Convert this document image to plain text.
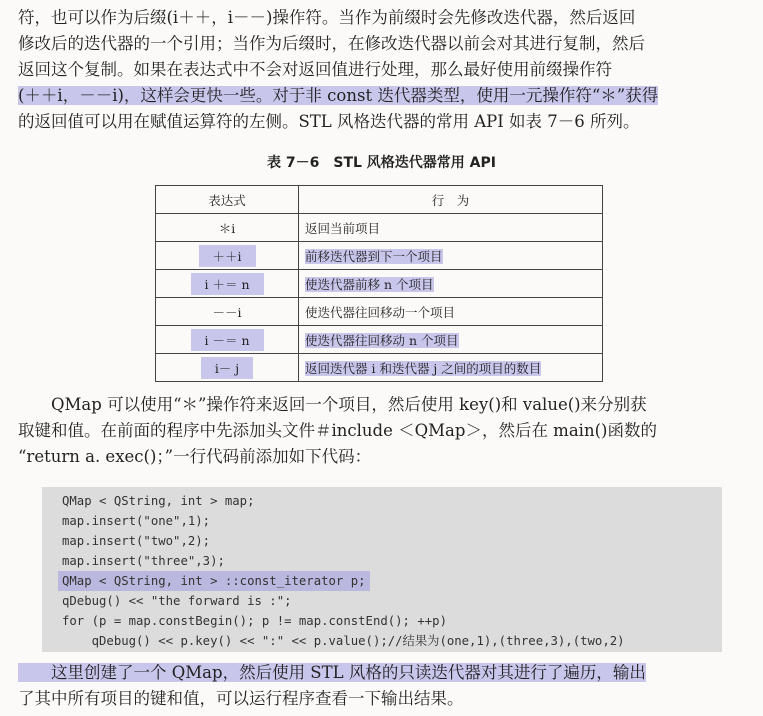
符，也可以作为后缀(i＋＋，i－－)操作符。当作为前缀时会先修改迭代器，然后返回
修改后的迭代器的一个引用；当作为后缀时，在修改迭代器以前会对其进行复制，然后
返回这个复制。如果在表达式中不会对返回值进行处理，那么最好使用前缀操作符
(＋＋i，－－i)，这样会更快一些。对于非 const 迭代器类型，使用一元操作符“＊”获得
的返回值可以用在赋值运算符的左侧。STL 风格迭代器的常用 API 如表 7－6 所列。
表 7－6　STL 风格迭代器常用 API
表达式	行　为
＊i	返回当前项目
＋＋i	前移迭代器到下一个项目
i ＋＝ n	使迭代器前移 n 个项目
－－i	使迭代器往回移动一个项目
i －＝ n	使迭代器往回移动 n 个项目
i－ j	返回迭代器 i 和迭代器 j 之间的项目的数目
　　QMap 可以使用“＊”操作符来返回一个项目，然后使用 key()和 value()来分别获
取键和值。在前面的程序中先添加头文件＃include ＜QMap＞，然后在 main()函数的
“return a. exec()；”一行代码前添加如下代码：
QMap < QString, int > map;
map.insert("one",1);
map.insert("two",2);
map.insert("three",3);
QMap < QString, int > ::const_iterator p;
qDebug() << "the forward is :";
for (p = map.constBegin(); p != map.constEnd(); ++p)
qDebug() << p.key() << ":" << p.value();//结果为(one,1),(three,3),(two,2)
　　这里创建了一个 QMap，然后使用 STL 风格的只读迭代器对其进行了遍历，输出
了其中所有项目的键和值，可以运行程序查看一下输出结果。
